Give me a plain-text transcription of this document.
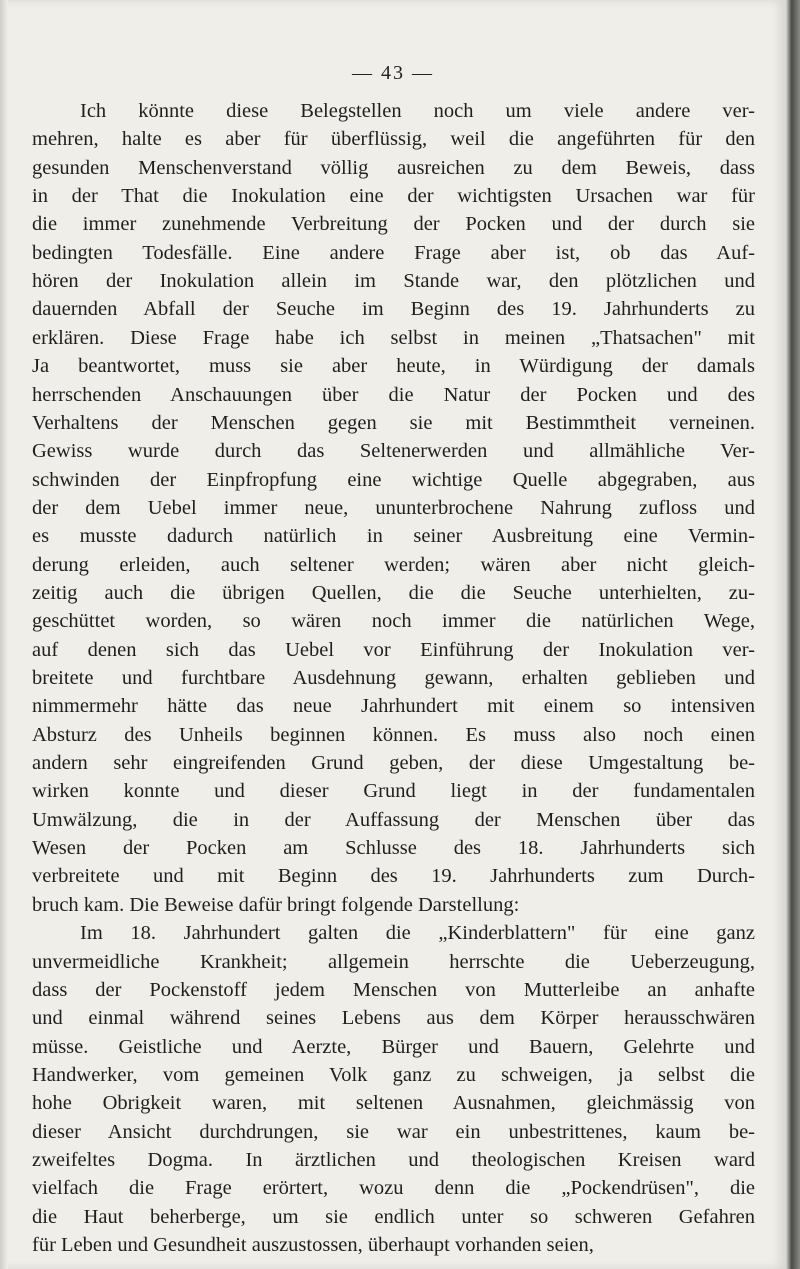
— 43 —
Ich könnte diese Belegstellen noch um viele andere ver-
mehren, halte es aber für überflüssig, weil die angeführten für den
gesunden Menschenverstand völlig ausreichen zu dem Beweis, dass
in der That die Inokulation eine der wichtigsten Ursachen war für
die immer zunehmende Verbreitung der Pocken und der durch sie
bedingten Todesfälle. Eine andere Frage aber ist, ob das Auf-
hören der Inokulation allein im Stande war, den plötzlichen und
dauernden Abfall der Seuche im Beginn des 19. Jahrhunderts zu
erklären. Diese Frage habe ich selbst in meinen „Thatsachen" mit
Ja beantwortet, muss sie aber heute, in Würdigung der damals
herrschenden Anschauungen über die Natur der Pocken und des
Verhaltens der Menschen gegen sie mit Bestimmtheit verneinen.
Gewiss wurde durch das Seltenerwerden und allmähliche Ver-
schwinden der Einpfropfung eine wichtige Quelle abgegraben, aus
der dem Uebel immer neue, ununterbrochene Nahrung zufloss und
es musste dadurch natürlich in seiner Ausbreitung eine Vermin-
derung erleiden, auch seltener werden; wären aber nicht gleich-
zeitig auch die übrigen Quellen, die die Seuche unterhielten, zu-
geschüttet worden, so wären noch immer die natürlichen Wege,
auf denen sich das Uebel vor Einführung der Inokulation ver-
breitete und furchtbare Ausdehnung gewann, erhalten geblieben und
nimmermehr hätte das neue Jahrhundert mit einem so intensiven
Absturz des Unheils beginnen können. Es muss also noch einen
andern sehr eingreifenden Grund geben, der diese Umgestaltung be-
wirken konnte und dieser Grund liegt in der fundamentalen
Umwälzung, die in der Auffassung der Menschen über das
Wesen der Pocken am Schlusse des 18. Jahrhunderts sich
verbreitete und mit Beginn des 19. Jahrhunderts zum Durch-
bruch kam. Die Beweise dafür bringt folgende Darstellung:
Im 18. Jahrhundert galten die „Kinderblattern" für eine ganz
unvermeidliche Krankheit; allgemein herrschte die Ueberzeugung,
dass der Pockenstoff jedem Menschen von Mutterleibe an anhafte
und einmal während seines Lebens aus dem Körper herausschwären
müsse. Geistliche und Aerzte, Bürger und Bauern, Gelehrte und
Handwerker, vom gemeinen Volk ganz zu schweigen, ja selbst die
hohe Obrigkeit waren, mit seltenen Ausnahmen, gleichmässig von
dieser Ansicht durchdrungen, sie war ein unbestrittenes, kaum be-
zweifeltes Dogma. In ärztlichen und theologischen Kreisen ward
vielfach die Frage erörtert, wozu denn die „Pockendrüsen", die
die Haut beherberge, um sie endlich unter so schweren Gefahren
für Leben und Gesundheit auszustossen, überhaupt vorhanden seien,
